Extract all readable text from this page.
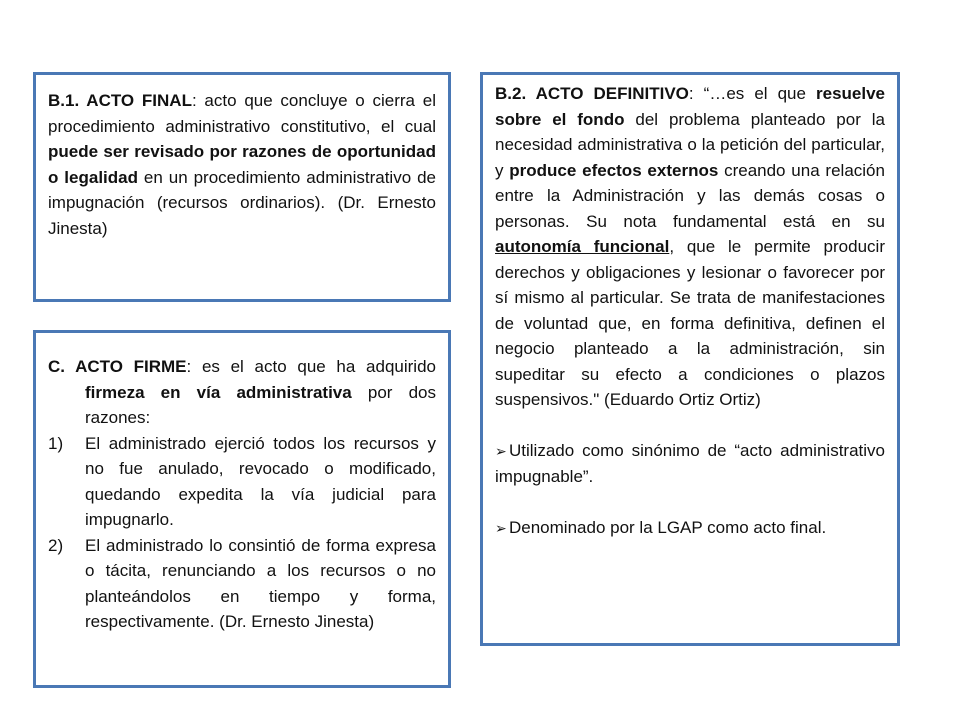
B.1. ACTO FINAL: acto que concluye o cierra el procedimiento administrativo constitutivo, el cual puede ser revisado por razones de oportunidad o legalidad en un procedimiento administrativo de impugnación (recursos ordinarios). (Dr. Ernesto Jinesta)

C. ACTO FIRME: es el acto que ha adquirido firmeza en vía administrativa por dos razones:

1)	El administrado ejerció todos los recursos y no fue anulado, revocado o modificado, quedando expedita la vía judicial para impugnarlo.
2)	El administrado lo consintió de forma expresa o tácita, renunciando a los recursos o no planteándolos en tiempo y forma, respectivamente. (Dr. Ernesto Jinesta)

B.2. ACTO DEFINITIVO: “…es el que resuelve sobre el fondo del problema planteado por la necesidad administrativa o la petición del particular, y produce efectos externos creando una relación entre la Administración y las demás cosas o personas. Su nota fundamental está en su autonomía funcional, que le permite producir derechos y obligaciones y lesionar o favorecer por sí mismo al particular. Se trata de manifestaciones de voluntad que, en forma definitiva, definen el negocio planteado a la administración, sin supeditar su efecto a condiciones o plazos suspensivos." (Eduardo Ortiz Ortiz)

➢ Utilizado como sinónimo de “acto administrativo impugnable”.

➢ Denominado por la LGAP como acto final.
